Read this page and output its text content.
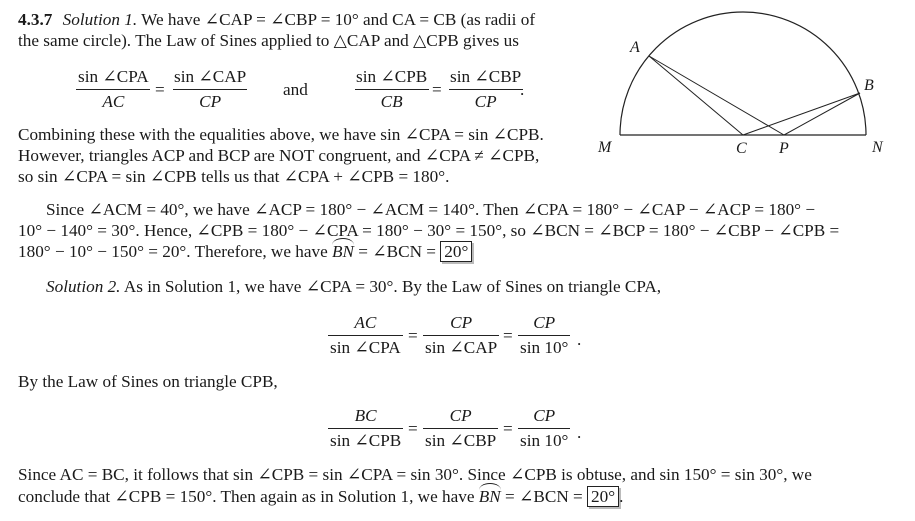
4.3.7 Solution 1. We have ∠CAP = ∠CBP = 10° and CA = CB (as radii of
the same circle). The Law of Sines applied to △CAP and △CPB gives us
sin ∠CPA
AC
=
sin ∠CAP
CP
and
sin ∠CPB
CB
=
sin ∠CBP
CP
.
Combining these with the equalities above, we have sin ∠CPA = sin ∠CPB.
However, triangles ACP and BCP are NOT congruent, and ∠CPA ≠ ∠CPB,
so sin ∠CPA = sin ∠CPB tells us that ∠CPA + ∠CPB = 180°.
Since ∠ACM = 40°, we have ∠ACP = 180° − ∠ACM = 140°. Then ∠CPA = 180° − ∠CAP − ∠ACP = 180° −
10° − 140° = 30°. Hence, ∠CPB = 180° − ∠CPA = 180° − 30° = 150°, so ∠BCN = ∠BCP = 180° − ∠CBP − ∠CPB =
180° − 10° − 150° = 20°. Therefore, we have BN = ∠BCN = 20°
Solution 2. As in Solution 1, we have ∠CPA = 30°. By the Law of Sines on triangle CPA,
AC
sin ∠CPA
=
CP
sin ∠CAP
= $\frac{CP}{\sin 10^\circ}$ .
By the Law of Sines on triangle CPB,
BC
sin ∠CPB
=
CP
sin ∠CBP
= $\frac{CP}{\sin 10^\circ}$ .
Since AC = BC, it follows that sin ∠CPB = sin ∠CPA = sin 30°. Since ∠CPB is obtuse, and sin 150° = sin 30°, we
conclude that ∠CPB = 150°. Then again as in Solution 1, we have BN = ∠BCN = 20° .
A
B
M	C P	N
